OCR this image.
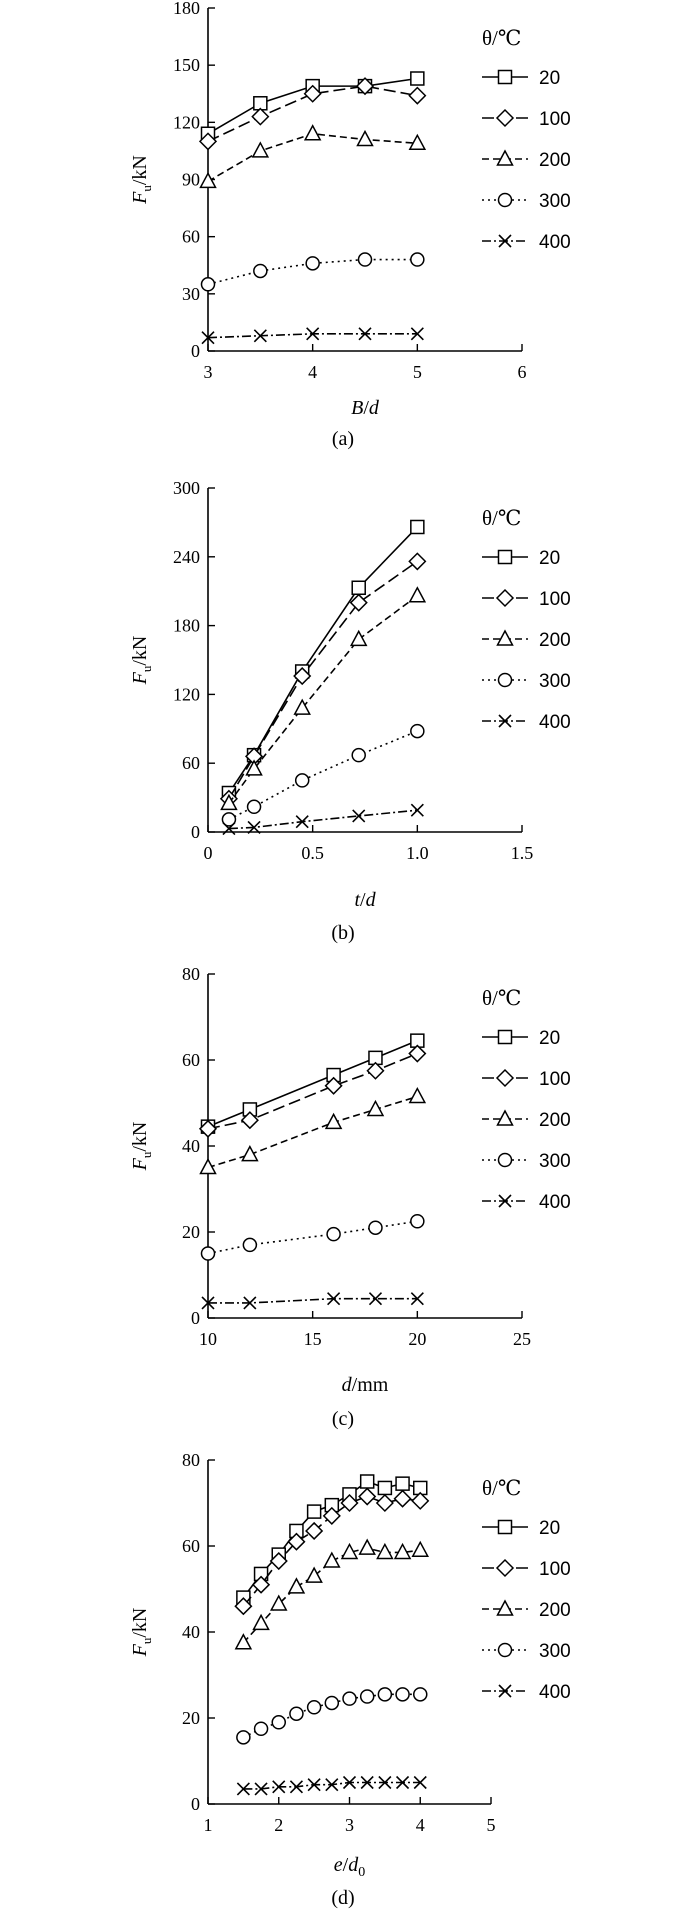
0
30
60
90
120
150
180
3	4	5	6
B/d
$F_u/kN$
θ/℃
20
100
200
300
400
(a)
0
60
120
180
240
300
0	0.5	1.0	1.5
t/d
$F_u/kN$
θ/℃
20
100
200
300
400
(b)
0
20
40
60
80
10	15	20	25
d/mm
$F_u/kN$
θ/℃
20
100
200
300
400
(c)
0
20
40
60
80
1	2	3	4	5
$e/d_0$
$F_u/kN$
θ/℃
20
100
200
300
400
(d)
